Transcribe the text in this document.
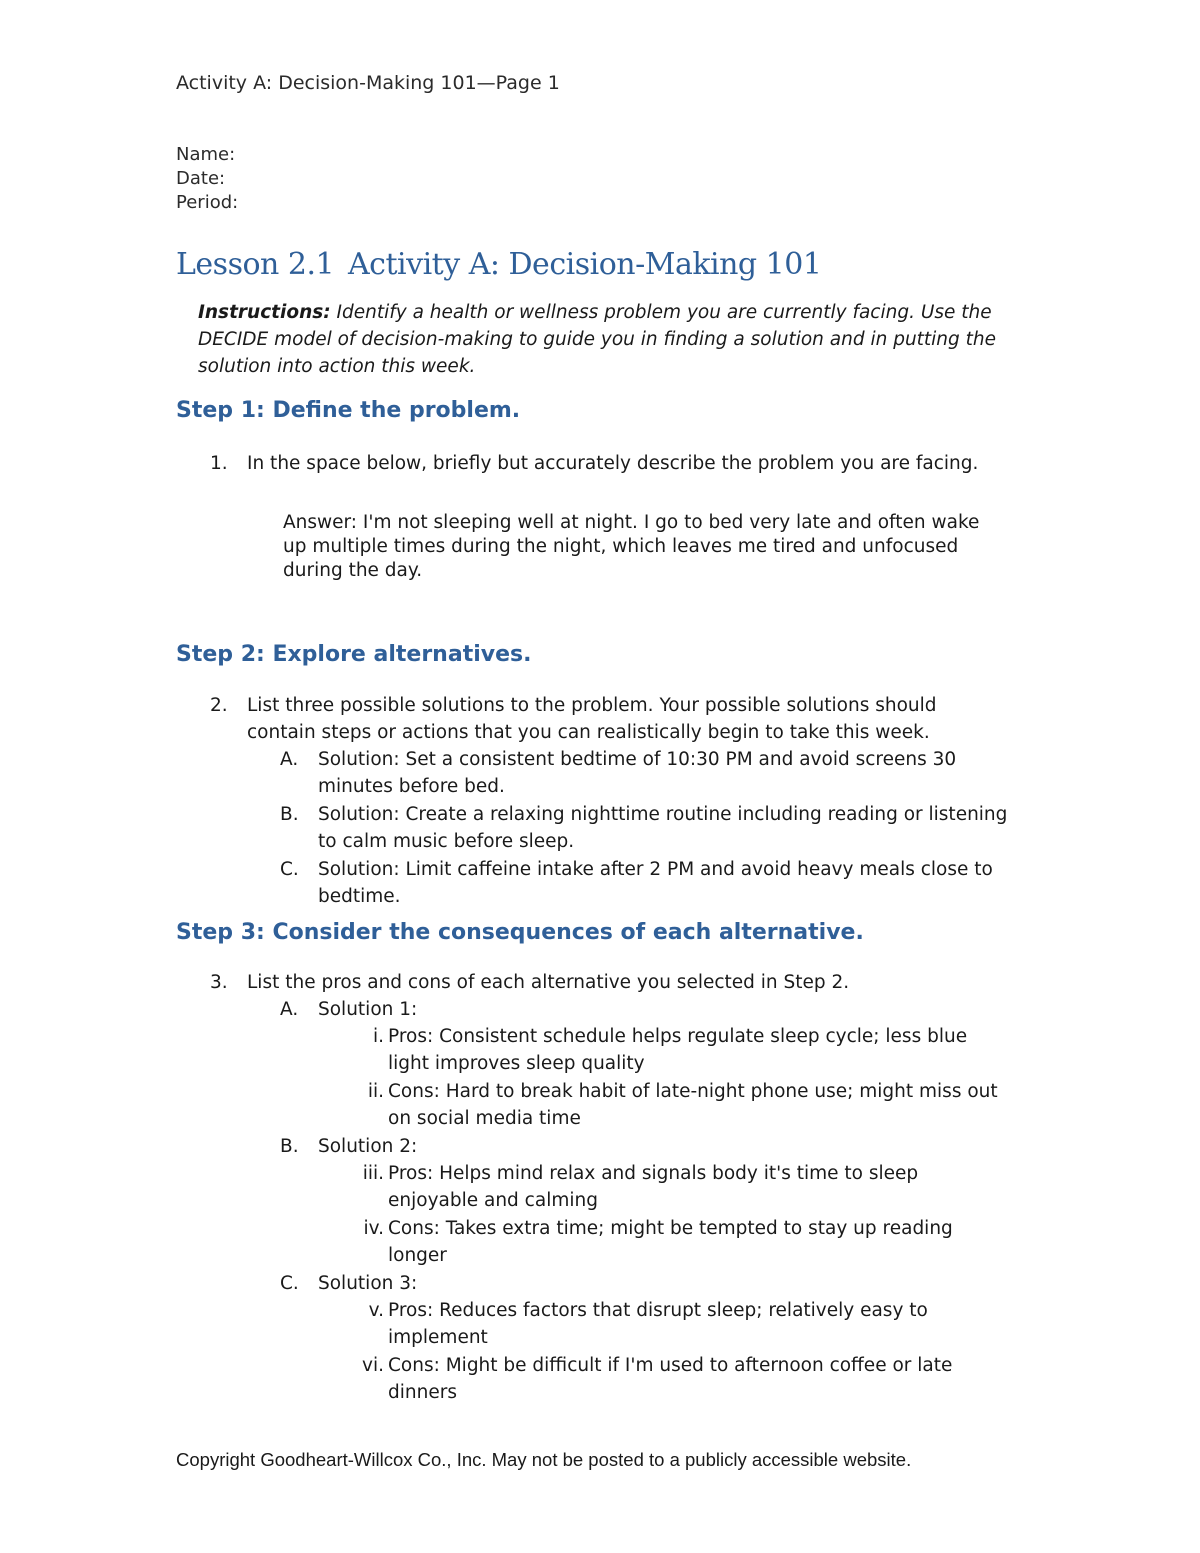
Activity A: Decision-Making 101—Page 1
Name:
Date:
Period:
Lesson 2.1 Activity A: Decision-Making 101
Instructions: Identify a health or wellness problem you are currently facing. Use the DECIDE model of decision-making to guide you in finding a solution and in putting the solution into action this week.
Step 1: Define the problem.
1. In the space below, briefly but accurately describe the problem you are facing.
Answer: I'm not sleeping well at night. I go to bed very late and often wake up multiple times during the night, which leaves me tired and unfocused during the day.
Step 2: Explore alternatives.
2. List three possible solutions to the problem. Your possible solutions should contain steps or actions that you can realistically begin to take this week.
A. Solution: Set a consistent bedtime of 10:30 PM and avoid screens 30 minutes before bed.
B. Solution: Create a relaxing nighttime routine including reading or listening to calm music before sleep.
C. Solution: Limit caffeine intake after 2 PM and avoid heavy meals close to bedtime.
Step 3: Consider the consequences of each alternative.
3. List the pros and cons of each alternative you selected in Step 2.
A. Solution 1:
i. Pros: Consistent schedule helps regulate sleep cycle; less blue light improves sleep quality
ii. Cons: Hard to break habit of late-night phone use; might miss out on social media time
B. Solution 2:
iii. Pros: Helps mind relax and signals body it's time to sleep enjoyable and calming
iv. Cons: Takes extra time; might be tempted to stay up reading longer
C. Solution 3:
v. Pros: Reduces factors that disrupt sleep; relatively easy to implement
vi. Cons: Might be difficult if I'm used to afternoon coffee or late dinners
Copyright Goodheart-Willcox Co., Inc. May not be posted to a publicly accessible website.
